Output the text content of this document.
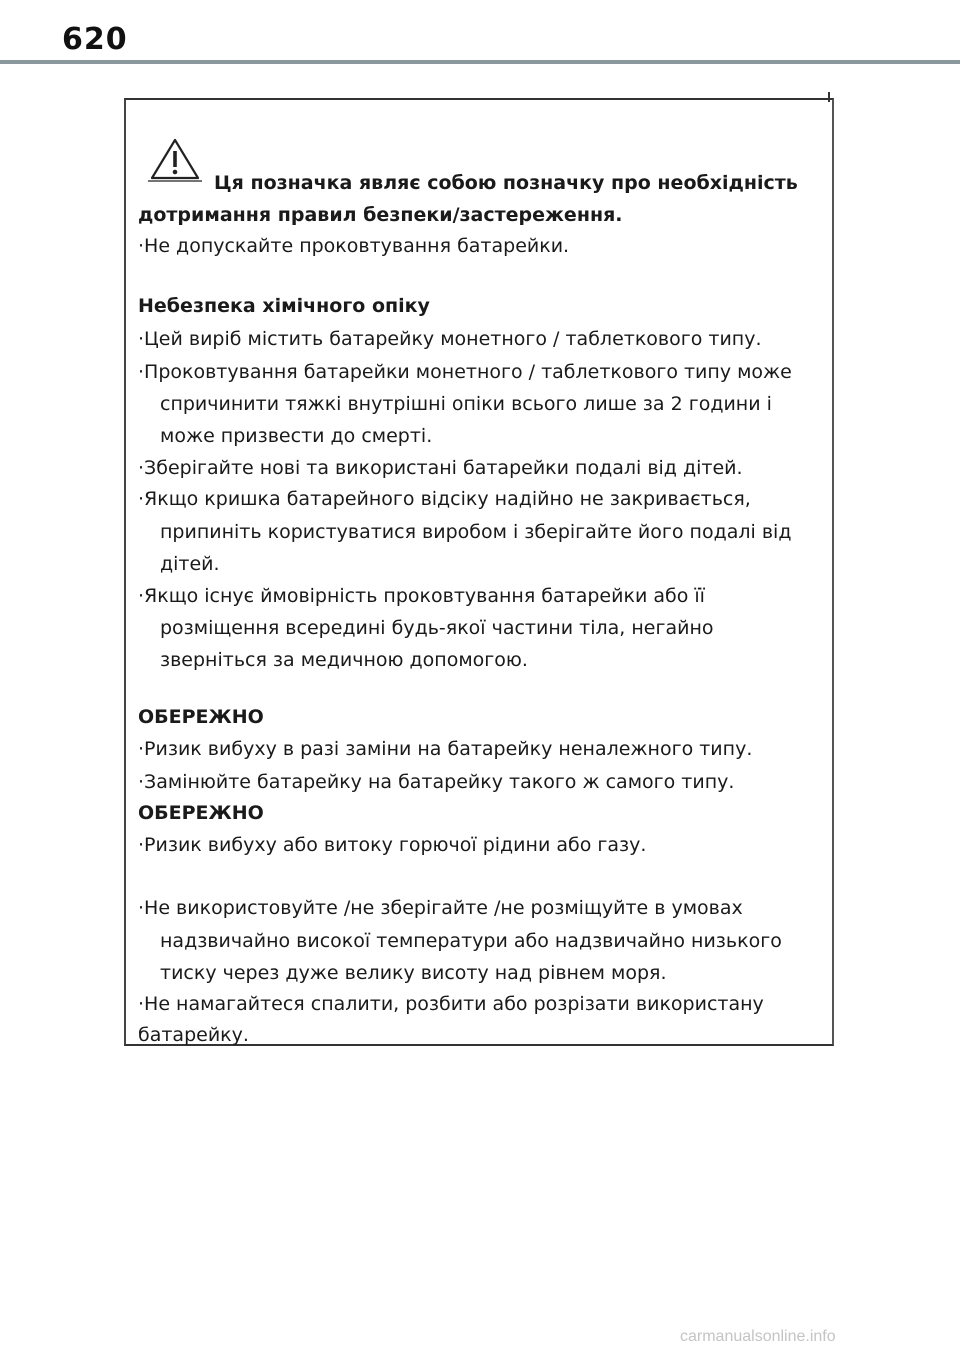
620
Ця позначка являє собою позначку про необхідність
дотримання правил безпеки/застереження.
·Не допускайте проковтування батарейки.
Небезпека хімічного опіку
·Цей виріб містить батарейку монетного / таблеткового типу.
·Проковтування батарейки монетного / таблеткового типу може
спричинити тяжкі внутрішні опіки всього лише за 2 години і
може призвести до смерті.
·Зберігайте нові та використані батарейки подалі від дітей.
·Якщо кришка батарейного відсіку надійно не закривається,
припиніть користуватися виробом і зберігайте його подалі від
дітей.
·Якщо існує ймовірність проковтування батарейки або її
розміщення всередині будь-якої частини тіла, негайно
зверніться за медичною допомогою.
ОБЕРЕЖНО
·Ризик вибуху в разі заміни на батарейку неналежного типу.
·Замінюйте батарейку на батарейку такого ж самого типу.
ОБЕРЕЖНО
·Ризик вибуху або витоку горючої рідини або газу.
·Не використовуйте /не зберігайте /не розміщуйте в умовах
надзвичайно високої температури або надзвичайно низького
тиску через дуже велику висоту над рівнем моря.
·Не намагайтеся спалити, розбити або розрізати використану
батарейку.
carmanualsonline.info
